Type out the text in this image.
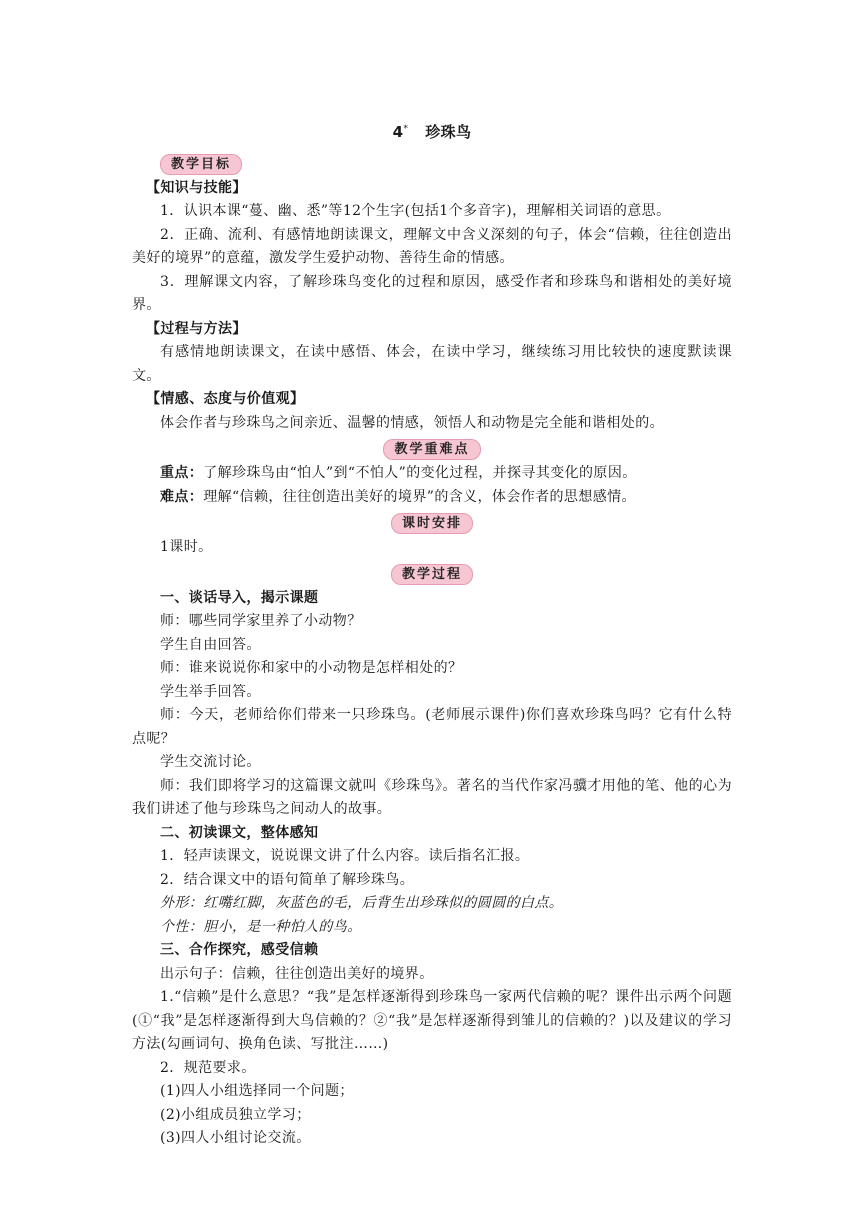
4* 珍珠鸟
教学目标

【知识与技能】

1．认识本课“蔓、幽、悉”等12个生字(包括1个多音字)，理解相关词语的意思。

2．正确、流利、有感情地朗读课文，理解文中含义深刻的句子，体会“信赖，往往创造出美好的境界”的意蕴，激发学生爱护动物、善待生命的情感。

3．理解课文内容，了解珍珠鸟变化的过程和原因，感受作者和珍珠鸟和谐相处的美好境界。

【过程与方法】

有感情地朗读课文，在读中感悟、体会，在读中学习，继续练习用比较快的速度默读课文。

【情感、态度与价值观】

体会作者与珍珠鸟之间亲近、温馨的情感，领悟人和动物是完全能和谐相处的。

教学重难点

重点：了解珍珠鸟由“怕人”到“不怕人”的变化过程，并探寻其变化的原因。

难点：理解“信赖，往往创造出美好的境界”的含义，体会作者的思想感情。

课时安排

1课时。

教学过程

一、谈话导入，揭示课题

师：哪些同学家里养了小动物？

学生自由回答。

师：谁来说说你和家中的小动物是怎样相处的？

学生举手回答。

师：今天，老师给你们带来一只珍珠鸟。(老师展示课件)你们喜欢珍珠鸟吗？它有什么特点呢？

学生交流讨论。

师：我们即将学习的这篇课文就叫《珍珠鸟》。著名的当代作家冯骥才用他的笔、他的心为我们讲述了他与珍珠鸟之间动人的故事。

二、初读课文，整体感知

1．轻声读课文，说说课文讲了什么内容。读后指名汇报。

2．结合课文中的语句简单了解珍珠鸟。

外形：红嘴红脚，灰蓝色的毛，后背生出珍珠似的圆圆的白点。

个性：胆小，是一种怕人的鸟。

三、合作探究，感受信赖

出示句子：信赖，往往创造出美好的境界。

1.“信赖”是什么意思？“我”是怎样逐渐得到珍珠鸟一家两代信赖的呢？课件出示两个问题(①“我”是怎样逐渐得到大鸟信赖的？②“我”是怎样逐渐得到雏儿的信赖的？)以及建议的学习方法(勾画词句、换角色读、写批注……)

2．规范要求。

(1)四人小组选择同一个问题；

(2)小组成员独立学习；

(3)四人小组讨论交流。
